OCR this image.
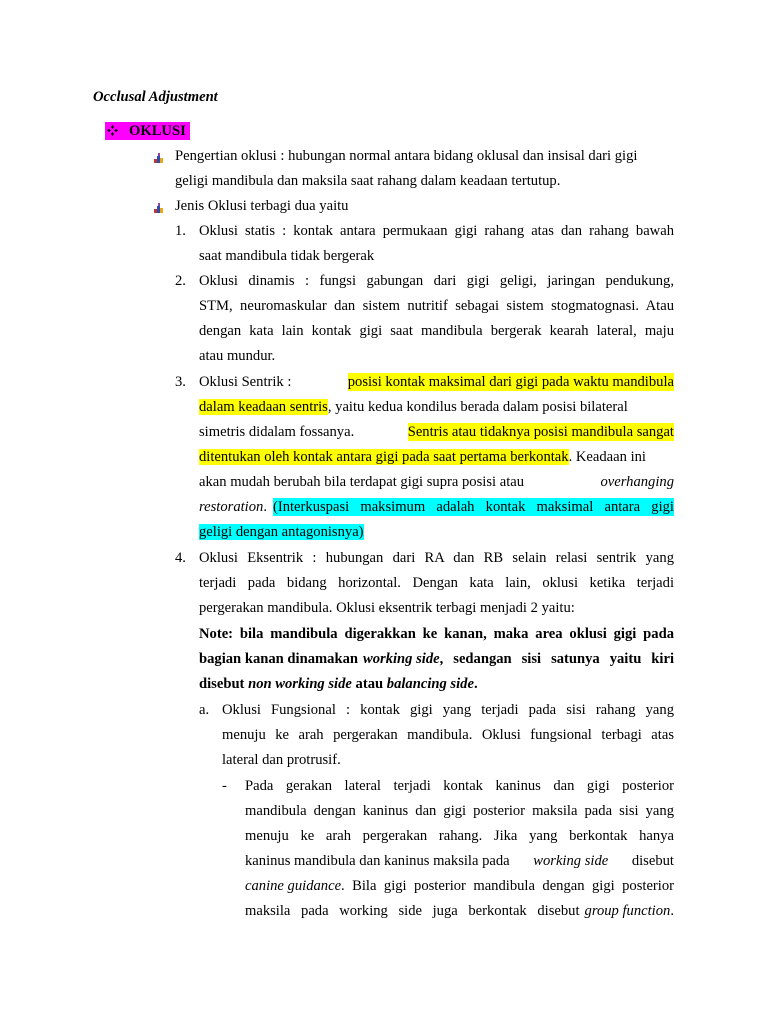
Occlusal Adjustment
OKLUSI
Pengertian oklusi : hubungan normal antara bidang oklusal dan insisal dari gigi
geligi mandibula dan maksila saat rahang dalam keadaan tertutup.
Jenis Oklusi terbagi dua yaitu
1. Oklusi statis : kontak antara permukaan gigi rahang atas dan rahang bawah
saat mandibula tidak bergerak
2. Oklusi dinamis : fungsi gabungan dari gigi geligi, jaringan pendukung,
STM, neuromaskular dan sistem nutritif sebagai sistem stogmatognasi. Atau
dengan kata lain kontak gigi saat mandibula bergerak kearah lateral, maju
atau mundur.
3. Oklusi Sentrik :	posisi kontak maksimal dari gigi pada waktu mandibula
dalam keadaan sentris, yaitu kedua kondilus berada dalam posisi bilateral
simetris didalam fossanya.	Sentris atau tidaknya posisi mandibula sangat
ditentukan oleh kontak antara gigi pada saat pertama berkontak. Keadaan ini
akan mudah berubah bila terdapat gigi supra posisi atau	overhanging
restoration . (Interkuspasi maksimum adalah kontak maksimal antara gigi
geligi dengan antagonisnya)
4. Oklusi Eksentrik : hubungan dari RA dan RB selain relasi sentrik yang
terjadi pada bidang horizontal. Dengan kata lain, oklusi ketika terjadi
pergerakan mandibula. Oklusi eksentrik terbagi menjadi 2 yaitu:
Note: bila mandibula digerakkan ke kanan, maka area oklusi gigi pada
bagian kanan dinamakan working side , sedangan sisi satunya yaitu kiri
disebut non working side atau balancing side.
a. Oklusi Fungsional : kontak gigi yang terjadi pada sisi rahang yang
menuju ke arah pergerakan mandibula. Oklusi fungsional terbagi atas
lateral dan protrusif.
- Pada gerakan lateral terjadi kontak kaninus dan gigi posterior
mandibula dengan kaninus dan gigi posterior maksila pada sisi yang
menuju ke arah pergerakan rahang. Jika yang berkontak hanya
kaninus mandibula dan kaninus maksila pada working side disebut
canine guidance . Bila gigi posterior mandibula dengan gigi posterior
maksila pada working side juga berkontak disebut group function .
